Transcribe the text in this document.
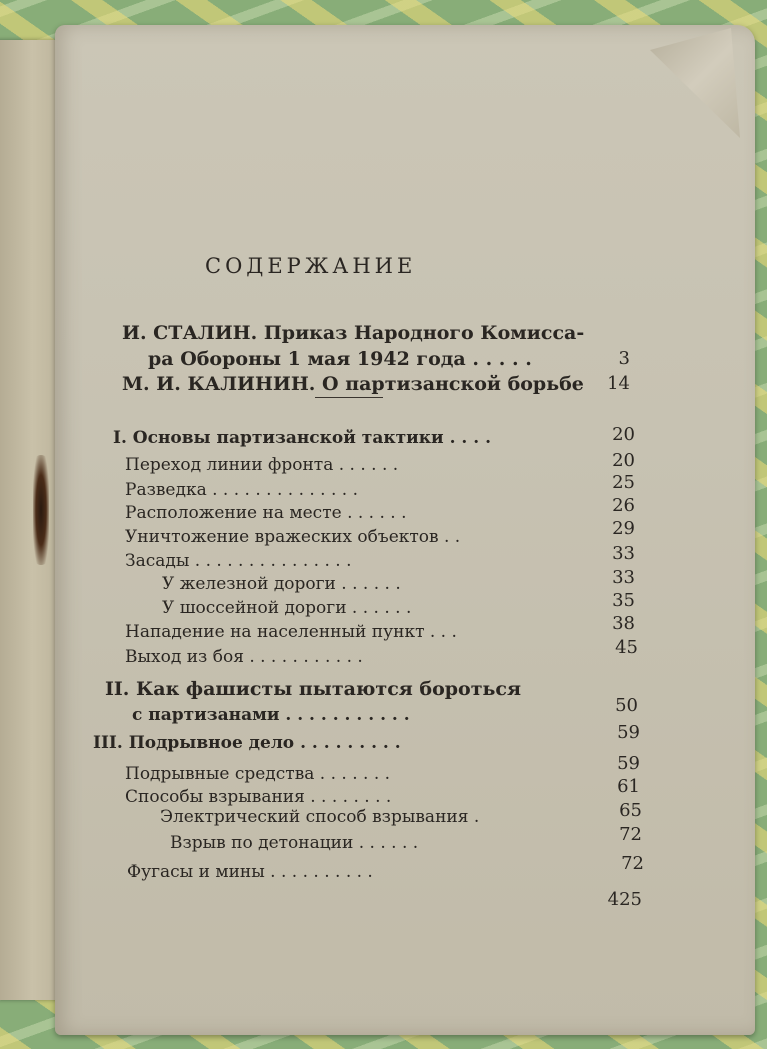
СОДЕРЖАНИЕ
И. СТАЛИН. Приказ Народного Комисса-
ра Обороны 1 мая 1942 года . . . . .	3
М. И. КАЛИНИН. О партизанской борьбе	14
I. Основы партизанской тактики . . . .	20
Переход линии фронта . . . . . .	20
Разведка . . . . . . . . . . . . . .	25
Расположение на месте . . . . . .	26
Уничтожение вражеских объектов . .	29
Засады . . . . . . . . . . . . . . .	33
У железной дороги . . . . . .	33
У шоссейной дороги . . . . . .	35
Нападение на населенный пункт . . .	38
Выход из боя . . . . . . . . . . .	45
II. Как фашисты пытаются бороться
с партизанами . . . . . . . . . . .	50
III. Подрывное дело . . . . . . . . .	59
Подрывные средства . . . . . . .	59
Способы взрывания . . . . . . . .	61
Электрический способ взрывания .	65
Взрыв по детонации . . . . . .	72
Фугасы и мины . . . . . . . . . .	72
425
